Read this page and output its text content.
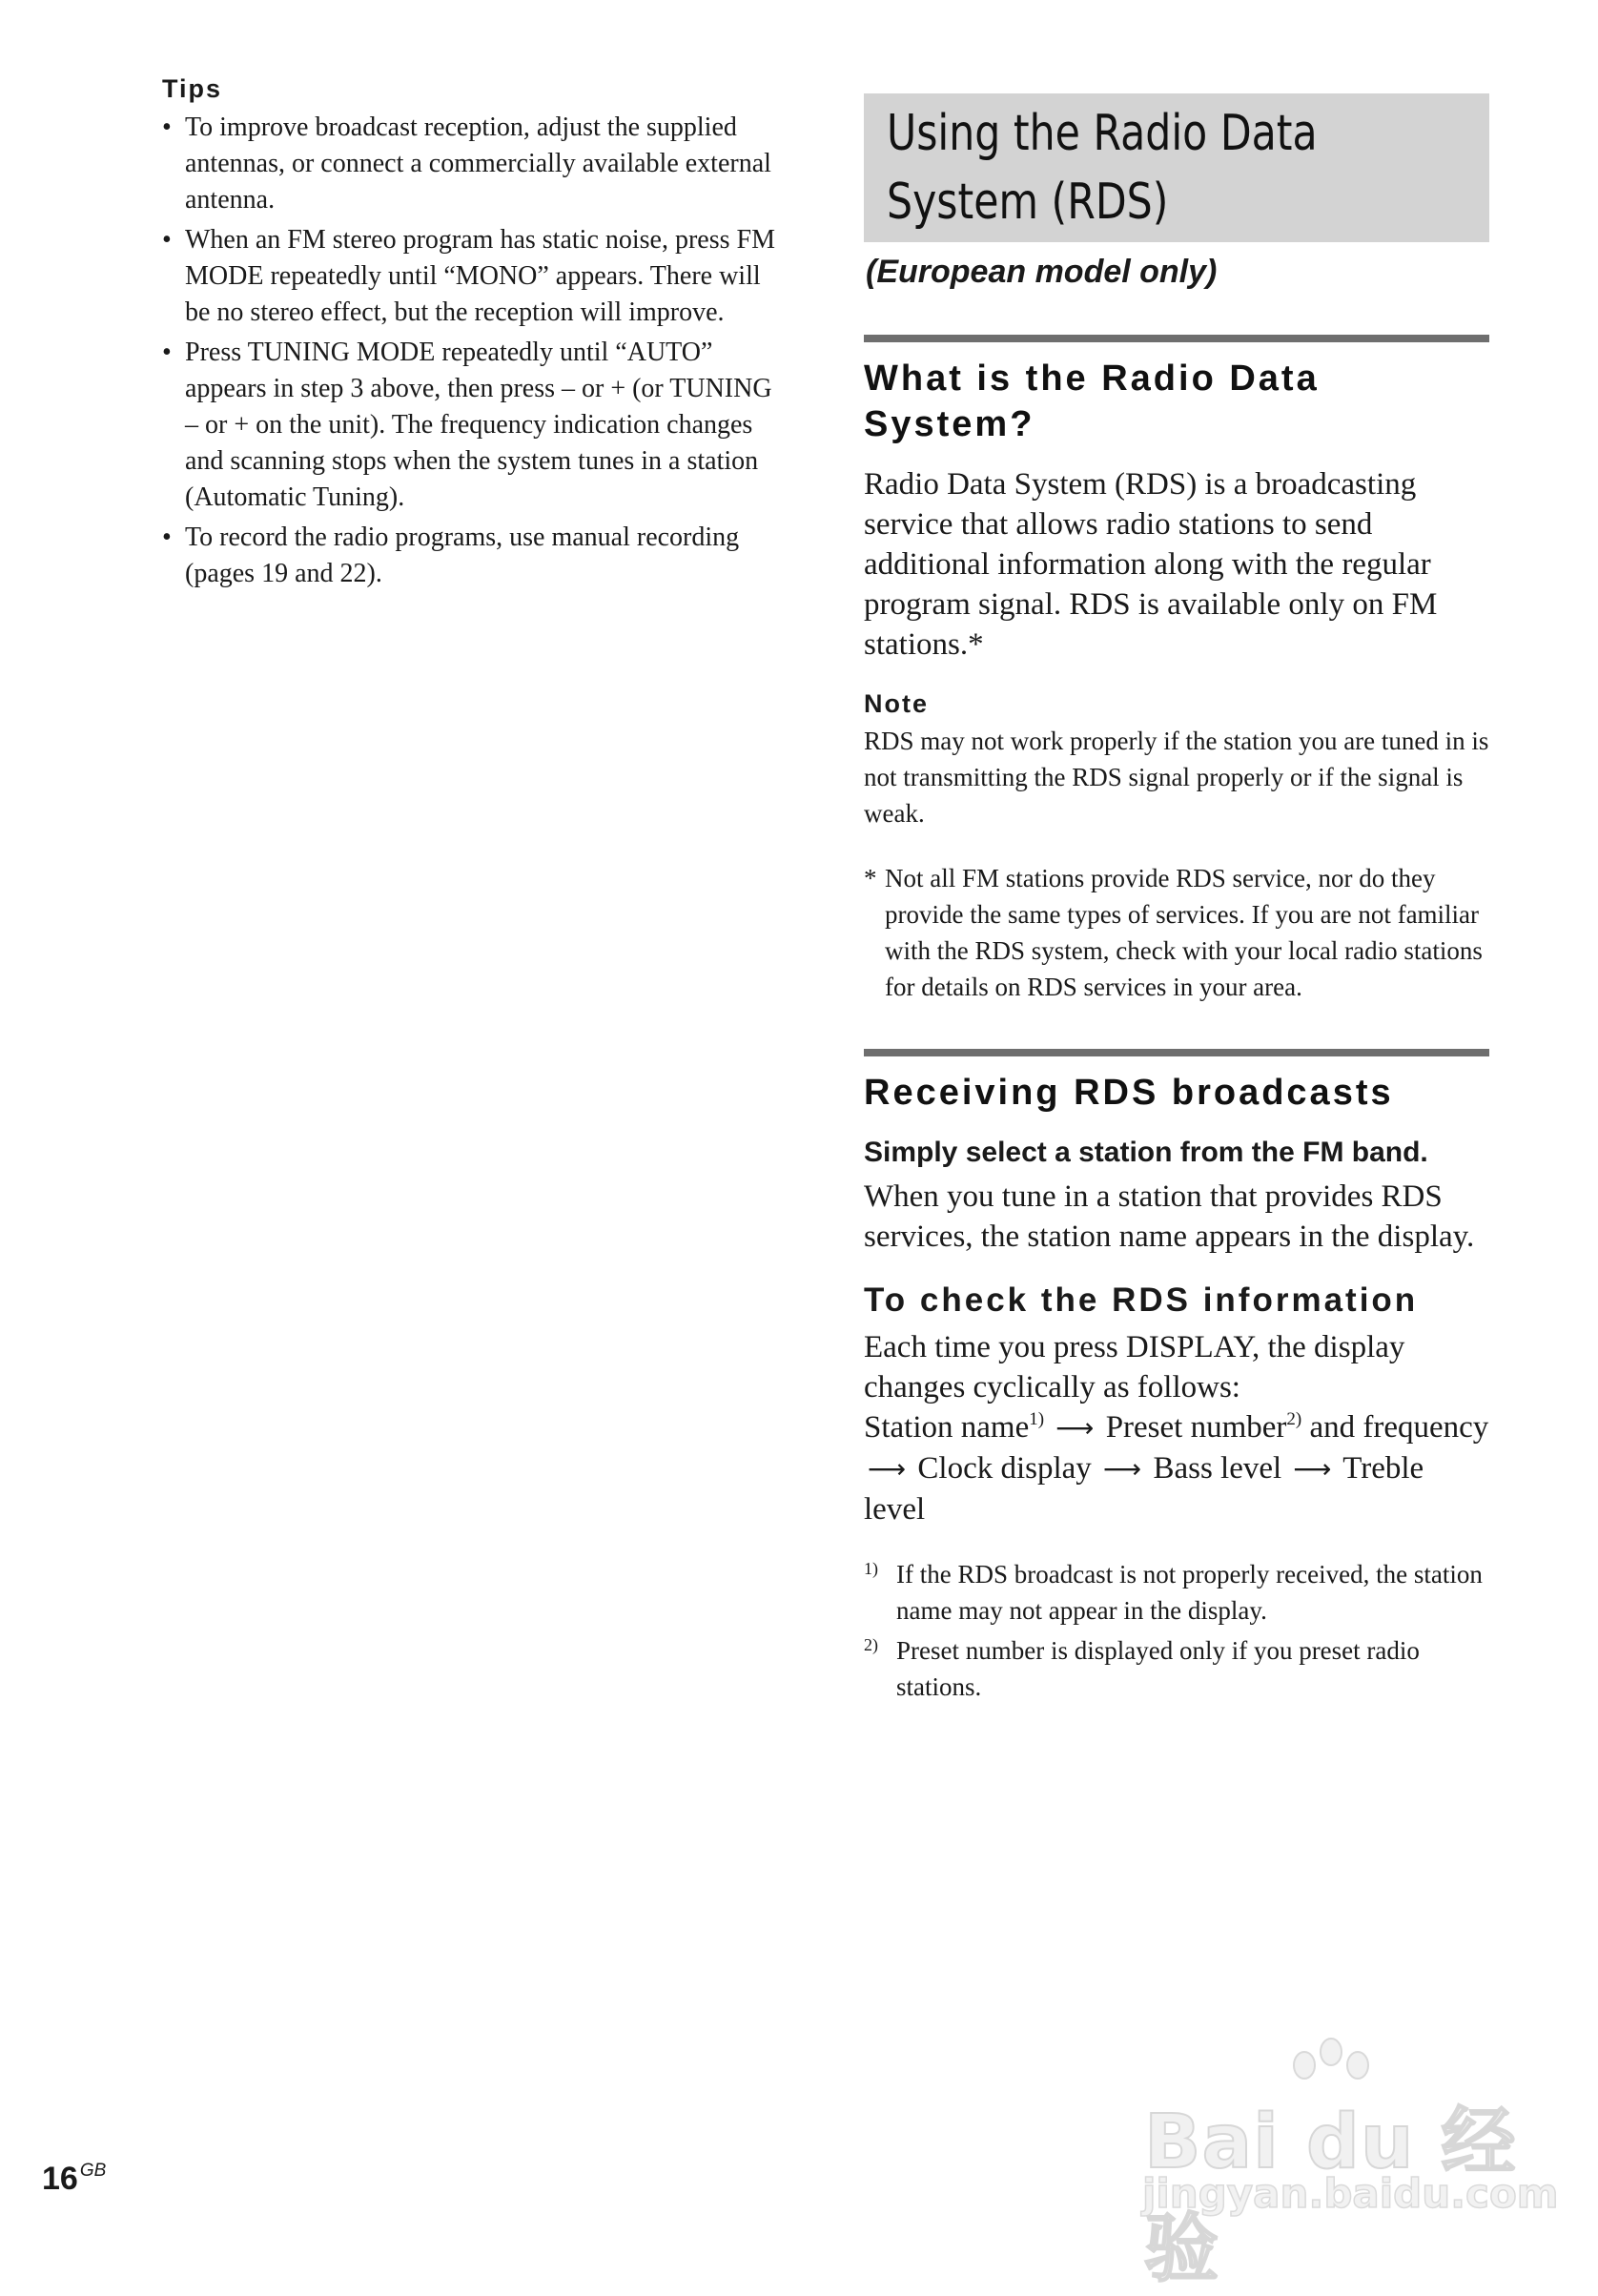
Tips
• To improve broadcast reception, adjust the supplied antennas, or connect a commercially available external antenna.
• When an FM stereo program has static noise, press FM MODE repeatedly until “MONO” appears. There will be no stereo effect, but the reception will improve.
• Press TUNING MODE repeatedly until “AUTO” appears in step 3 above, then press – or + (or TUNING – or + on the unit). The frequency indication changes and scanning stops when the system tunes in a station (Automatic Tuning).
• To record the radio programs, use manual recording (pages 19 and 22).
Using the Radio Data
System (RDS)
(European model only)
What is the Radio Data System?

Radio Data System (RDS) is a broadcasting service that allows radio stations to send additional information along with the regular program signal. RDS is available only on FM stations.*

Note

RDS may not work properly if the station you are tuned in is not transmitting the RDS signal properly or if the signal is weak.

* Not all FM stations provide RDS service, nor do they provide the same types of services. If you are not familiar with the RDS system, check with your local radio stations for details on RDS services in your area.

Receiving RDS broadcasts
Simply select a station from the FM band.

When you tune in a station that provides RDS services, the station name appears in the display.

To check the RDS information

Each time you press DISPLAY, the display changes cyclically as follows:
Station name$^{1)}$ ⟶ Preset number$^{2)}$ and frequency ⟶ Clock display ⟶ Bass level ⟶ Treble level

1) If the RDS broadcast is not properly received, the station name may not appear in the display.
2) Preset number is displayed only if you preset radio stations.
16 $^{GB}$	Bai du 经验
jingyan.baidu.com
